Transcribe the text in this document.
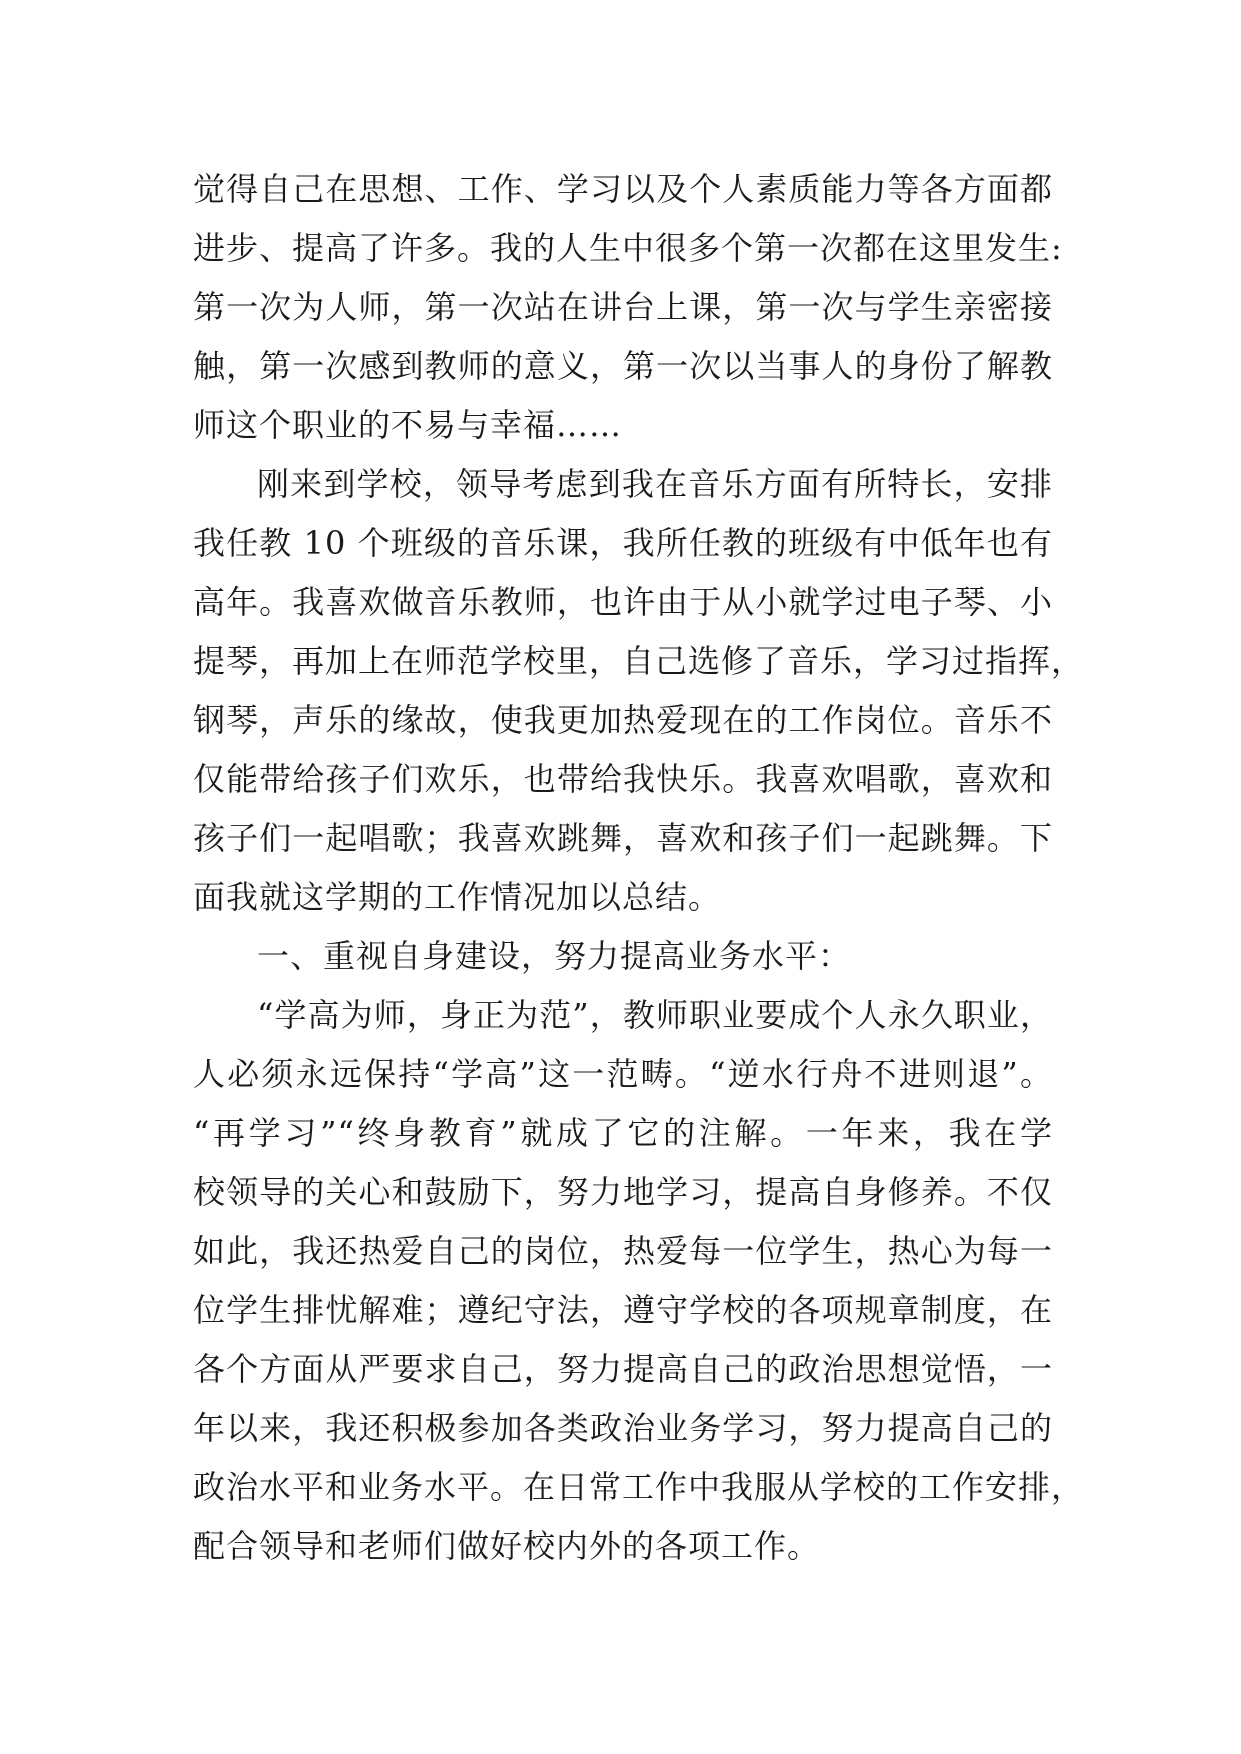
觉得自己在思想、工作、学习以及个人素质能力等各方面都
进步、提高了许多。我的人生中很多个第一次都在这里发生:
第一次为人师，第一次站在讲台上课，第一次与学生亲密接
触，第一次感到教师的意义，第一次以当事人的身份了解教
师这个职业的不易与幸福……
刚来到学校，领导考虑到我在音乐方面有所特长，安排
我任教 10 个班级的音乐课，我所任教的班级有中低年也有
高年。我喜欢做音乐教师，也许由于从小就学过电子琴、小
提琴，再加上在师范学校里，自己选修了音乐，学习过指挥，
钢琴，声乐的缘故，使我更加热爱现在的工作岗位。音乐不
仅能带给孩子们欢乐，也带给我快乐。我喜欢唱歌，喜欢和
孩子们一起唱歌；我喜欢跳舞，喜欢和孩子们一起跳舞。下
面我就这学期的工作情况加以总结。
一、重视自身建设，努力提高业务水平：
“学高为师，身正为范”，教师职业要成个人永久职业，
人必须永远保持“学高”这一范畴。“逆水行舟不进则退”。
“再学习”“终身教育”就成了它的注解。一年来，我在学
校领导的关心和鼓励下，努力地学习，提高自身修养。不仅
如此，我还热爱自己的岗位，热爱每一位学生，热心为每一
位学生排忧解难；遵纪守法，遵守学校的各项规章制度，在
各个方面从严要求自己，努力提高自己的政治思想觉悟，一
年以来，我还积极参加各类政治业务学习，努力提高自己的
政治水平和业务水平。在日常工作中我服从学校的工作安排，
配合领导和老师们做好校内外的各项工作。
